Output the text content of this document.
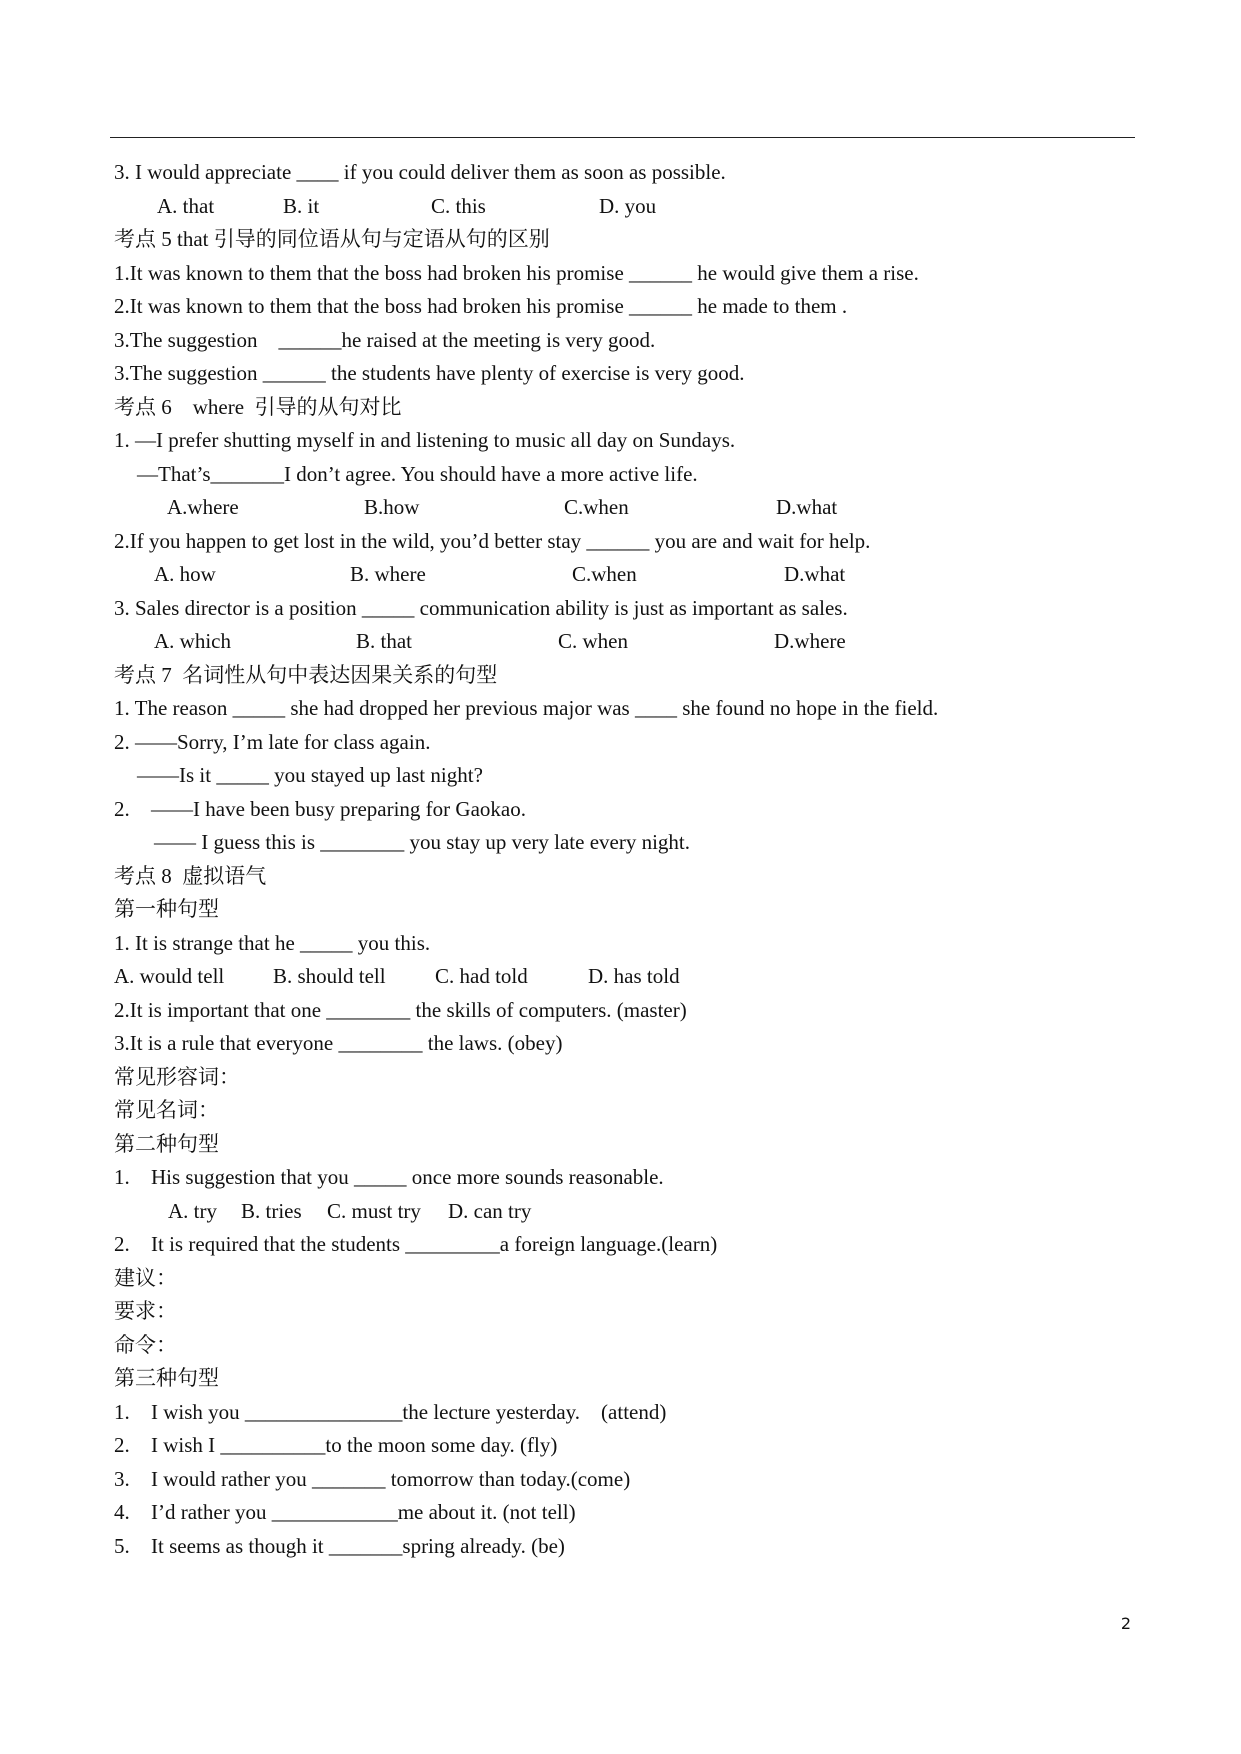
3. I would appreciate ____ if you could deliver them as soon as possible.
A. that	B. it	C. this	D. you
考点 5 that 引导的同位语从句与定语从句的区别
1.It was known to them that the boss had broken his promise ______ he would give them a rise.
2.It was known to them that the boss had broken his promise ______ he made to them .
3.The suggestion    ______he raised at the meeting is very good.
3.The suggestion ______ the students have plenty of exercise is very good.
考点 6    where  引导的从句对比
1. —I prefer shutting myself in and listening to music all day on Sundays.
—That’s_______I don’t agree. You should have a more active life.
A.where	B.how	C.when	D.what
2.If you happen to get lost in the wild, you’d better stay ______ you are and wait for help.
A. how	B. where	C.when	D.what
3. Sales director is a position _____ communication ability is just as important as sales.
A. which	B. that	C. when	D.where
考点 7  名词性从句中表达因果关系的句型
1. The reason _____ she had dropped her previous major was ____ she found no hope in the field.
2. ——Sorry, I’m late for class again.
——Is it _____ you stayed up last night?
2. ——I have been busy preparing for Gaokao.
—— I guess this is ________ you stay up very late every night.
考点 8  虚拟语气
第一种句型
1. It is strange that he _____ you this.
A. would tell	B. should tell	C. had told	D. has told
2.It is important that one ________ the skills of computers. (master)
3.It is a rule that everyone ________ the laws. (obey)
常见形容词：
常见名词：
第二种句型
1. His suggestion that you _____ once more sounds reasonable.
A. try	B. tries	C. must try	D. can try
2. It is required that the students _________a foreign language.(learn)
建议：
要求：
命令：
第三种句型
1. I wish you _______________the lecture yesterday.    (attend)
2. I wish I __________to the moon some day. (fly)
3. I would rather you _______ tomorrow than today.(come)
4. I’d rather you ____________me about it. (not tell)
5. It seems as though it _______spring already. (be)
2
